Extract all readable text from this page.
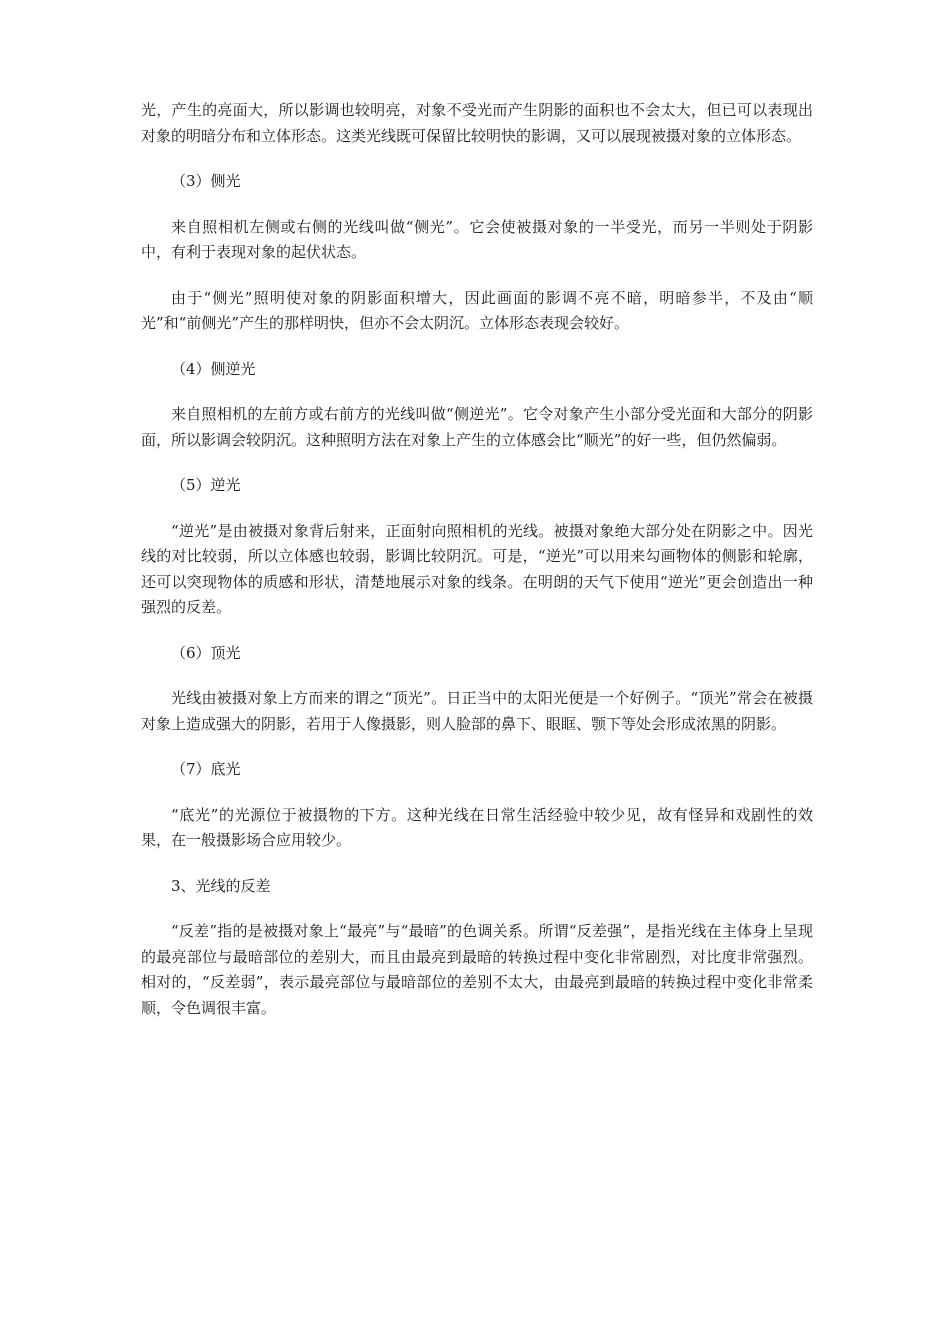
光，产生的亮面大，所以影调也较明亮，对象不受光而产生阴影的面积也不会太大，但已可以表现出对象的明暗分布和立体形态。这类光线既可保留比较明快的影调，又可以展现被摄对象的立体形态。

（3）侧光

来自照相机左侧或右侧的光线叫做“侧光”。它会使被摄对象的一半受光，而另一半则处于阴影中，有利于表现对象的起伏状态。

由于“侧光”照明使对象的阴影面积增大，因此画面的影调不亮不暗，明暗参半，不及由“顺光”和“前侧光”产生的那样明快，但亦不会太阴沉。立体形态表现会较好。

（4）侧逆光

来自照相机的左前方或右前方的光线叫做“侧逆光”。它令对象产生小部分受光面和大部分的阴影面，所以影调会较阴沉。这种照明方法在对象上产生的立体感会比“顺光”的好一些，但仍然偏弱。

（5）逆光

“逆光”是由被摄对象背后射来，正面射向照相机的光线。被摄对象绝大部分处在阴影之中。因光线的对比较弱，所以立体感也较弱，影调比较阴沉。可是，“逆光”可以用来勾画物体的侧影和轮廓，还可以突现物体的质感和形状，清楚地展示对象的线条。在明朗的天气下使用“逆光”更会创造出一种强烈的反差。

（6）顶光

光线由被摄对象上方而来的谓之“顶光”。日正当中的太阳光便是一个好例子。“顶光”常会在被摄对象上造成强大的阴影，若用于人像摄影，则人脸部的鼻下、眼眶、颚下等处会形成浓黑的阴影。

（7）底光

“底光”的光源位于被摄物的下方。这种光线在日常生活经验中较少见，故有怪异和戏剧性的效果，在一般摄影场合应用较少。

3、光线的反差

“反差”指的是被摄对象上“最亮”与“最暗”的色调关系。所谓“反差强”，是指光线在主体身上呈现的最亮部位与最暗部位的差别大，而且由最亮到最暗的转换过程中变化非常剧烈，对比度非常强烈。相对的，“反差弱”，表示最亮部位与最暗部位的差别不太大，由最亮到最暗的转换过程中变化非常柔顺，令色调很丰富。
